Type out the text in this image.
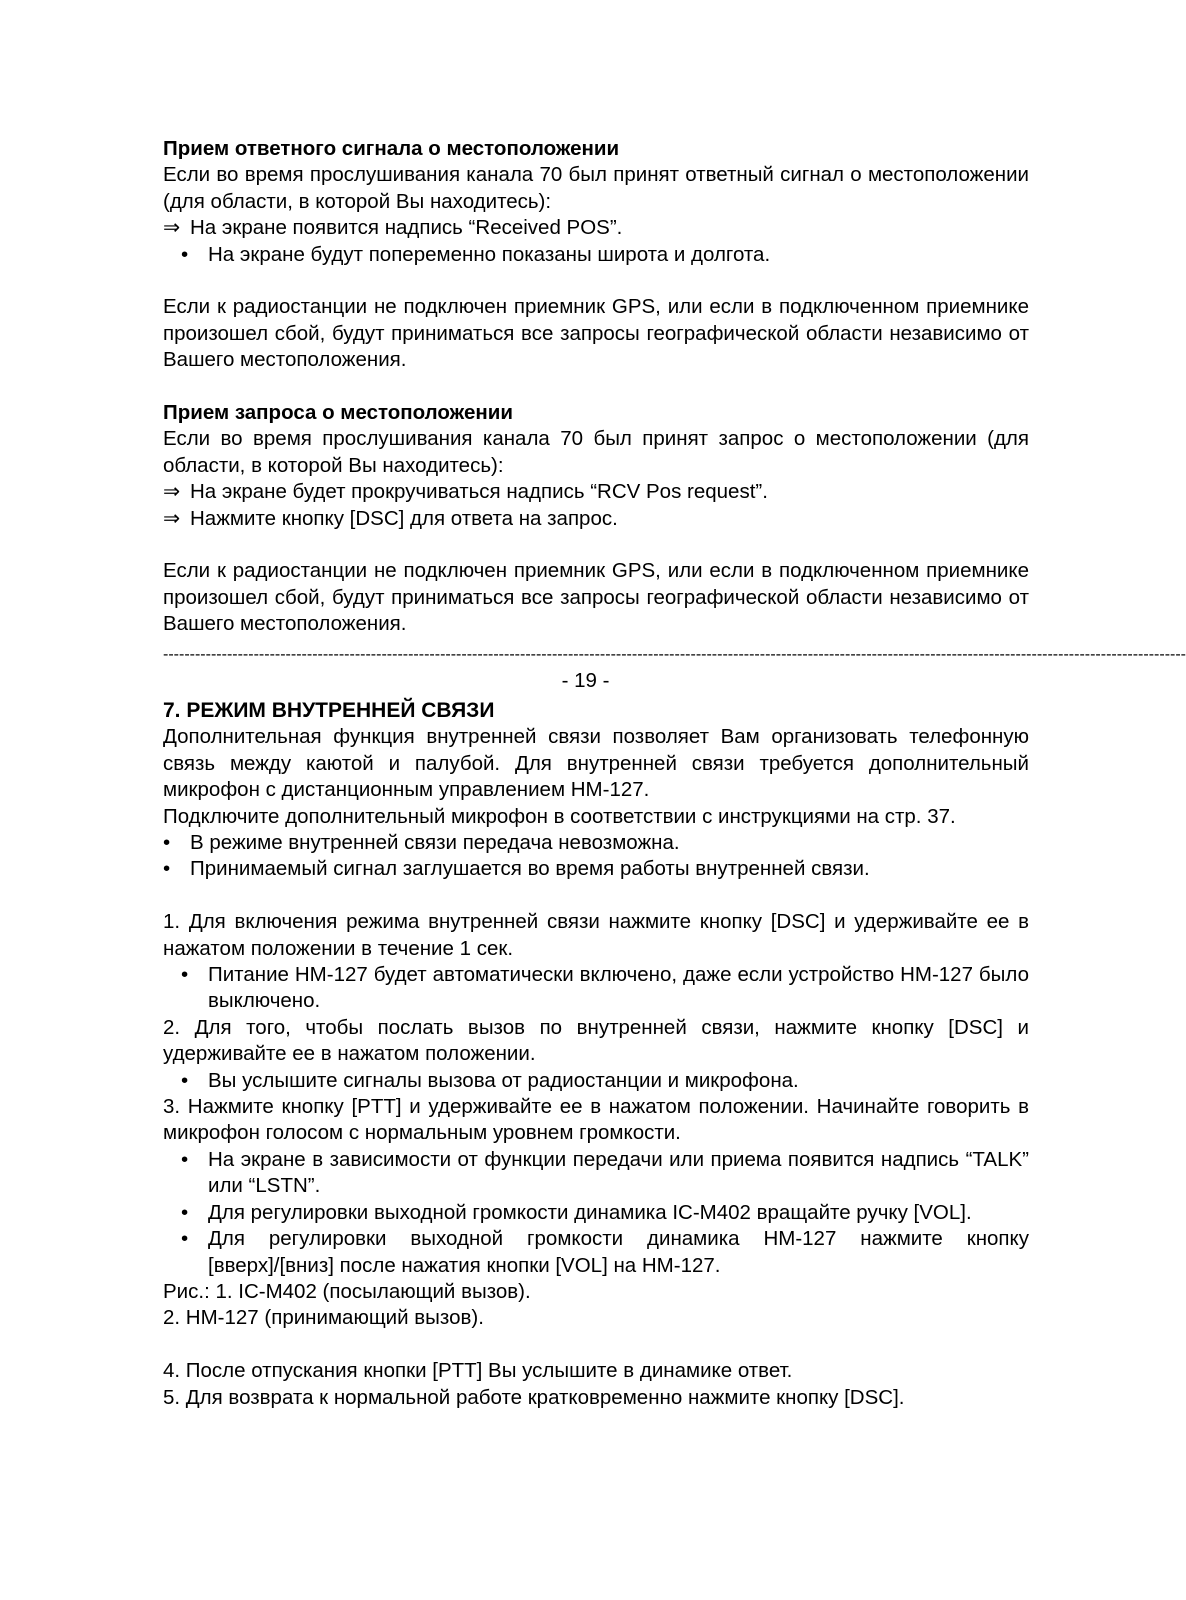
Прием ответного сигнала о местоположении

Если во время прослушивания канала 70 был принят ответный сигнал о местоположении (для области, в которой Вы находитесь):

⇒ На экране появится надпись “Received POS”.
• На экране будут попеременно показаны широта и долгота.

Если к радиостанции не подключен приемник GPS, или если в подключенном приемнике произошел сбой, будут приниматься все запросы географической области независимо от Вашего местоположения.

Прием запроса о местоположении

Если во время прослушивания канала 70 был принят запрос о местоположении (для области, в которой Вы находитесь):

⇒ На экране будет прокручиваться надпись “RCV Pos request”.
⇒ Нажмите кнопку [DSC] для ответа на запрос.

Если к радиостанции не подключен приемник GPS, или если в подключенном приемнике произошел сбой, будут приниматься все запросы географической области независимо от Вашего местоположения.

------------------------------------------------------------------------------------------------------------------------------------------------------------------------------------------------
- 19 -

7. РЕЖИМ ВНУТРЕННЕЙ СВЯЗИ

Дополнительная функция внутренней связи позволяет Вам организовать телефонную связь между каютой и палубой. Для внутренней связи требуется дополнительный микрофон с дистанционным управлением HM-127.

Подключите дополнительный микрофон в соответствии с инструкциями на стр. 37.

• В режиме внутренней связи передача невозможна.
• Принимаемый сигнал заглушается во время работы внутренней связи.

1. Для включения режима внутренней связи нажмите кнопку [DSC] и удерживайте ее в нажатом положении в течение 1 сек.

• Питание HM-127 будет автоматически включено, даже если устройство HM-127 было выключено.

2. Для того, чтобы послать вызов по внутренней связи, нажмите кнопку [DSC] и удерживайте ее в нажатом положении.

• Вы услышите сигналы вызова от радиостанции и микрофона.

3. Нажмите кнопку [PTT] и удерживайте ее в нажатом положении. Начинайте говорить в микрофон голосом с нормальным уровнем громкости.

• На экране в зависимости от функции передачи или приема появится надпись “TALK” или “LSTN”.
• Для регулировки выходной громкости динамика IC-M402 вращайте ручку [VOL].
• Для регулировки выходной громкости динамика HM-127 нажмите кнопку [вверх]/[вниз] после нажатия кнопки [VOL] на HM-127.

Рис.: 1. IC-M402 (посылающий вызов).

2. HM-127 (принимающий вызов).

4. После отпускания кнопки [PTT] Вы услышите в динамике ответ.

5. Для возврата к нормальной работе кратковременно нажмите кнопку [DSC].
